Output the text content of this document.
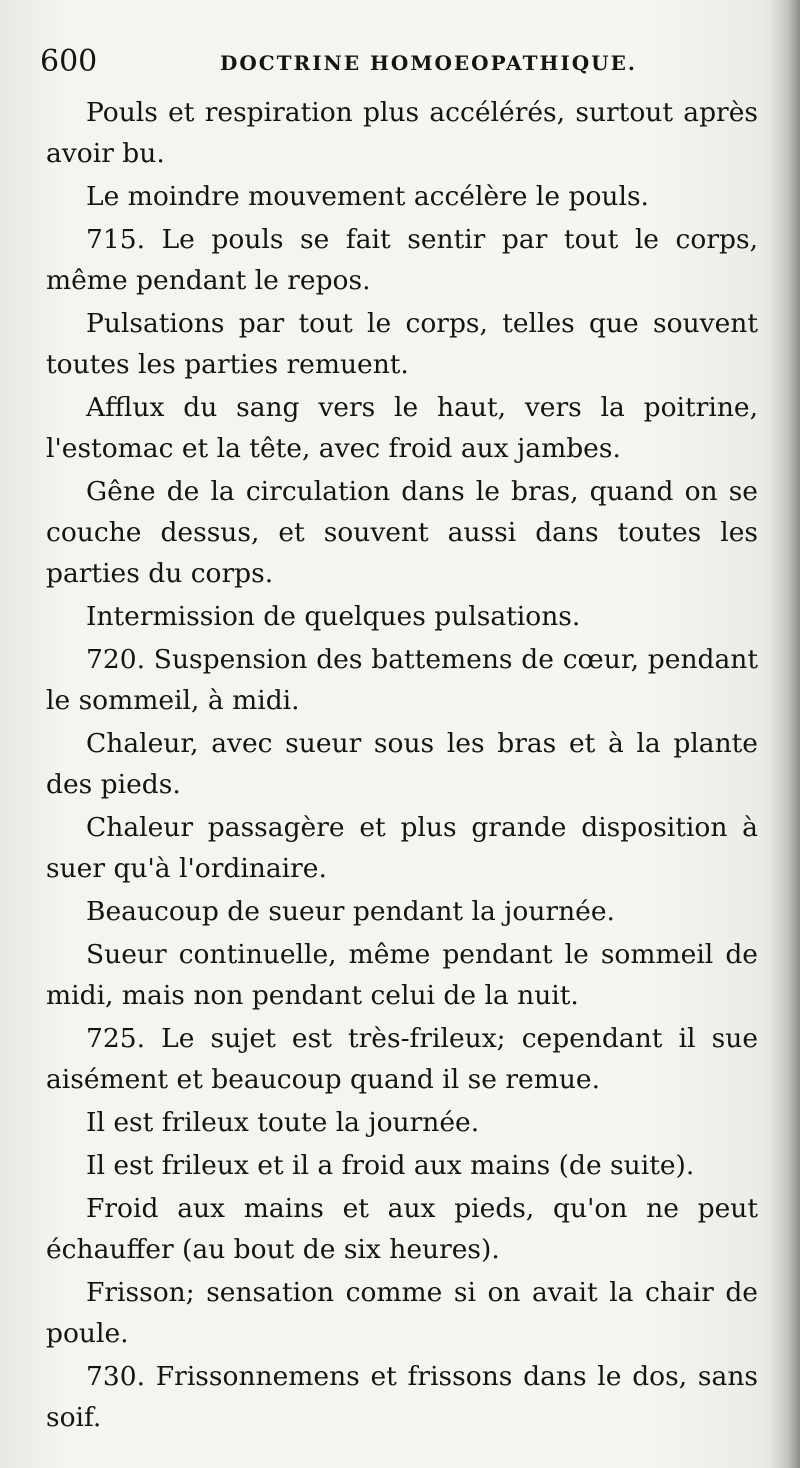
600	DOCTRINE HOMOEOPATHIQUE.

Pouls et respiration plus accélérés, surtout après avoir bu.

Le moindre mouvement accélère le pouls.

715. Le pouls se fait sentir par tout le corps, même pendant le repos.

Pulsations par tout le corps, telles que souvent toutes les parties remuent.

Afflux du sang vers le haut, vers la poitrine, l'estomac et la tête, avec froid aux jambes.

Gêne de la circulation dans le bras, quand on se couche dessus, et souvent aussi dans toutes les parties du corps.

Intermission de quelques pulsations.

720. Suspension des battemens de cœur, pendant le sommeil, à midi.

Chaleur, avec sueur sous les bras et à la plante des pieds.

Chaleur passagère et plus grande disposition à suer qu'à l'ordinaire.

Beaucoup de sueur pendant la journée.

Sueur continuelle, même pendant le sommeil de midi, mais non pendant celui de la nuit.

725. Le sujet est très-frileux; cependant il sue aisément et beaucoup quand il se remue.

Il est frileux toute la journée.

Il est frileux et il a froid aux mains (de suite).

Froid aux mains et aux pieds, qu'on ne peut échauffer (au bout de six heures).

Frisson; sensation comme si on avait la chair de poule.

730. Frissonnemens et frissons dans le dos, sans soif.
